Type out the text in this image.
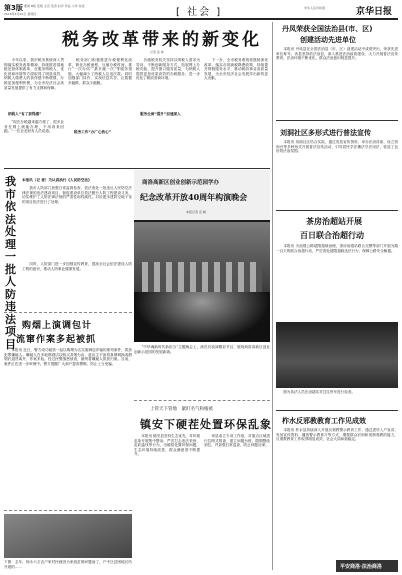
第3版 要闻 B版 连载 文章 读者 时评 作品 小作 综述
2018年4月20日 星期四	[ 社会 ]	中华人民共和国	京华日报
税务改革带来的新变化
记者 张 林
　　今年以来，我市税务系统深入贯彻落实税务改革精神，持续推进国地税征管体制改革，在服务纳税人、优化营商环境等方面取得了明显成效，纳税人缴费人的获得感不断增强，办税更加便利快捷，为全市经济社会高质量发展提供了有力支撑和保障。
纳税人“有了获得感”
　　“现在办税越来越方便了，很多业务在网上就能办理，不用再来回跑。”一位企业财务人员说道。
　　税务部门积极推进办税便利化改革，简化办税流程，压缩办税时间，推行“一次办结”“最多跑一次”等服务措施，大幅减少了纳税人往返次数。同时加强部门协作，实现信息共享，让数据多跑路、群众少跑腿。
税务工作“办广心放心”
　　各级税务机关坚持以纳税人需求为导向，不断创新服务方式，拓展网上办税功能，提升窗口服务质量，为纳税人提供更加优质高效的办税服务，进一步优化了税收营商环境。
服务全面“提升”加速深入
　　下一步，全市税务系统将继续深化改革，落实各项减税降费政策，持续提升纳税服务水平，推动税收事业高质量发展，为全市经济社会发展作出新的更大贡献。
我市依法处理一批人防违法项目
本报讯（记 者）为认真执行《人民防空法》
　　我市人防部门加强日常监督检查，依法查处一批违反人民防空法律法规的违法建设项目，督促建设单位依法履行人防工程建设义务，切实维护了人防法律法规的严肃性和权威性。对应建未建防空地下室的项目依法进行了处理。
　　同时，人防部门进一步加强宣传教育，提高全社会依法建设人防工程的意识，推动人防事业健康发展。
购烟上演调包计
流窜作案多起被抓
　　本报讯 近日，警方成功破获一起以购烟为名实施调包诈骗的系列案件，抓获犯罪嫌疑人。嫌疑人在多地烟酒店以购买香烟为由，趁店主不备将真烟调换成假烟后退货离开，作案多起。经过民警缜密侦查，最终将嫌疑人抓获归案。目前，案件正在进一步审理中。警方提醒广大商户提高警惕，防止上当受骗。
商洛高新区创业创新示范园学办
纪念改革开放40周年构演晚会
本报记者 宣 晓
　　“中华魂新时代新担当”主题晚会上，演员们表演精彩节目，展现商洛高新区创业创新示范园的发展新貌。
上管天下管地　紧盯名气和植被
镇安下硬茬处置环保乱象
　　本报讯 镇安县坚持生态优先，对环境乱象开展集中整治，严厉打击违法采砂、乱砍滥伐等行为，出硬招处置环保问题，生态环境持续改善，群众满意度不断提升。
　　该县成立专项工作组，对重点区域进行拉网式排查，建立问题台账，限期整改到位，并加强日常巡查，防止问题反弹。
下图：去年，杨永六万农户家村民就因为家庭贫困问题而了，户中区贫困地区所开展的……
丹凤荣获全国法治县(市、区)
创建活动先进单位
　　本报讯 丹凤县在全国法治县（市、区）创建活动中成绩突出，荣获先进单位称号。该县坚持依法治县，深入推进法治政府建设，大力开展普法宣传教育，法治环境不断优化，群众法治意识明显提升。
刘洞社区多形式进行普法宣传
　　本报讯 刘洞社区结合实际，通过发放宣传资料、举办法治讲座、设立咨询台等多种形式开展普法宣传活动，引导居民学法懂法守法用法，营造了良好的法治氛围。
茶房治超站开展
百日联合治超行动
　　本报讯 为加强公路超限超载治理，茶房治超站联合交警等部门开展为期一百天的联合治超行动，严厉查处超限超载违法行为，保障公路安全畅通。
　　图为执法人员在治超站对过往货车进行检查。
柞水反邪教教育工作见成效
　　本报讯 柞水县持续深入开展反邪教警示教育工作，通过进村入户宣讲、发放宣传资料、播放警示教育片等方式，增强群众识别和抵制邪教的能力，反邪教教育工作取得明显成效，社会大局和谐稳定。
平安商洛·法治商洛
